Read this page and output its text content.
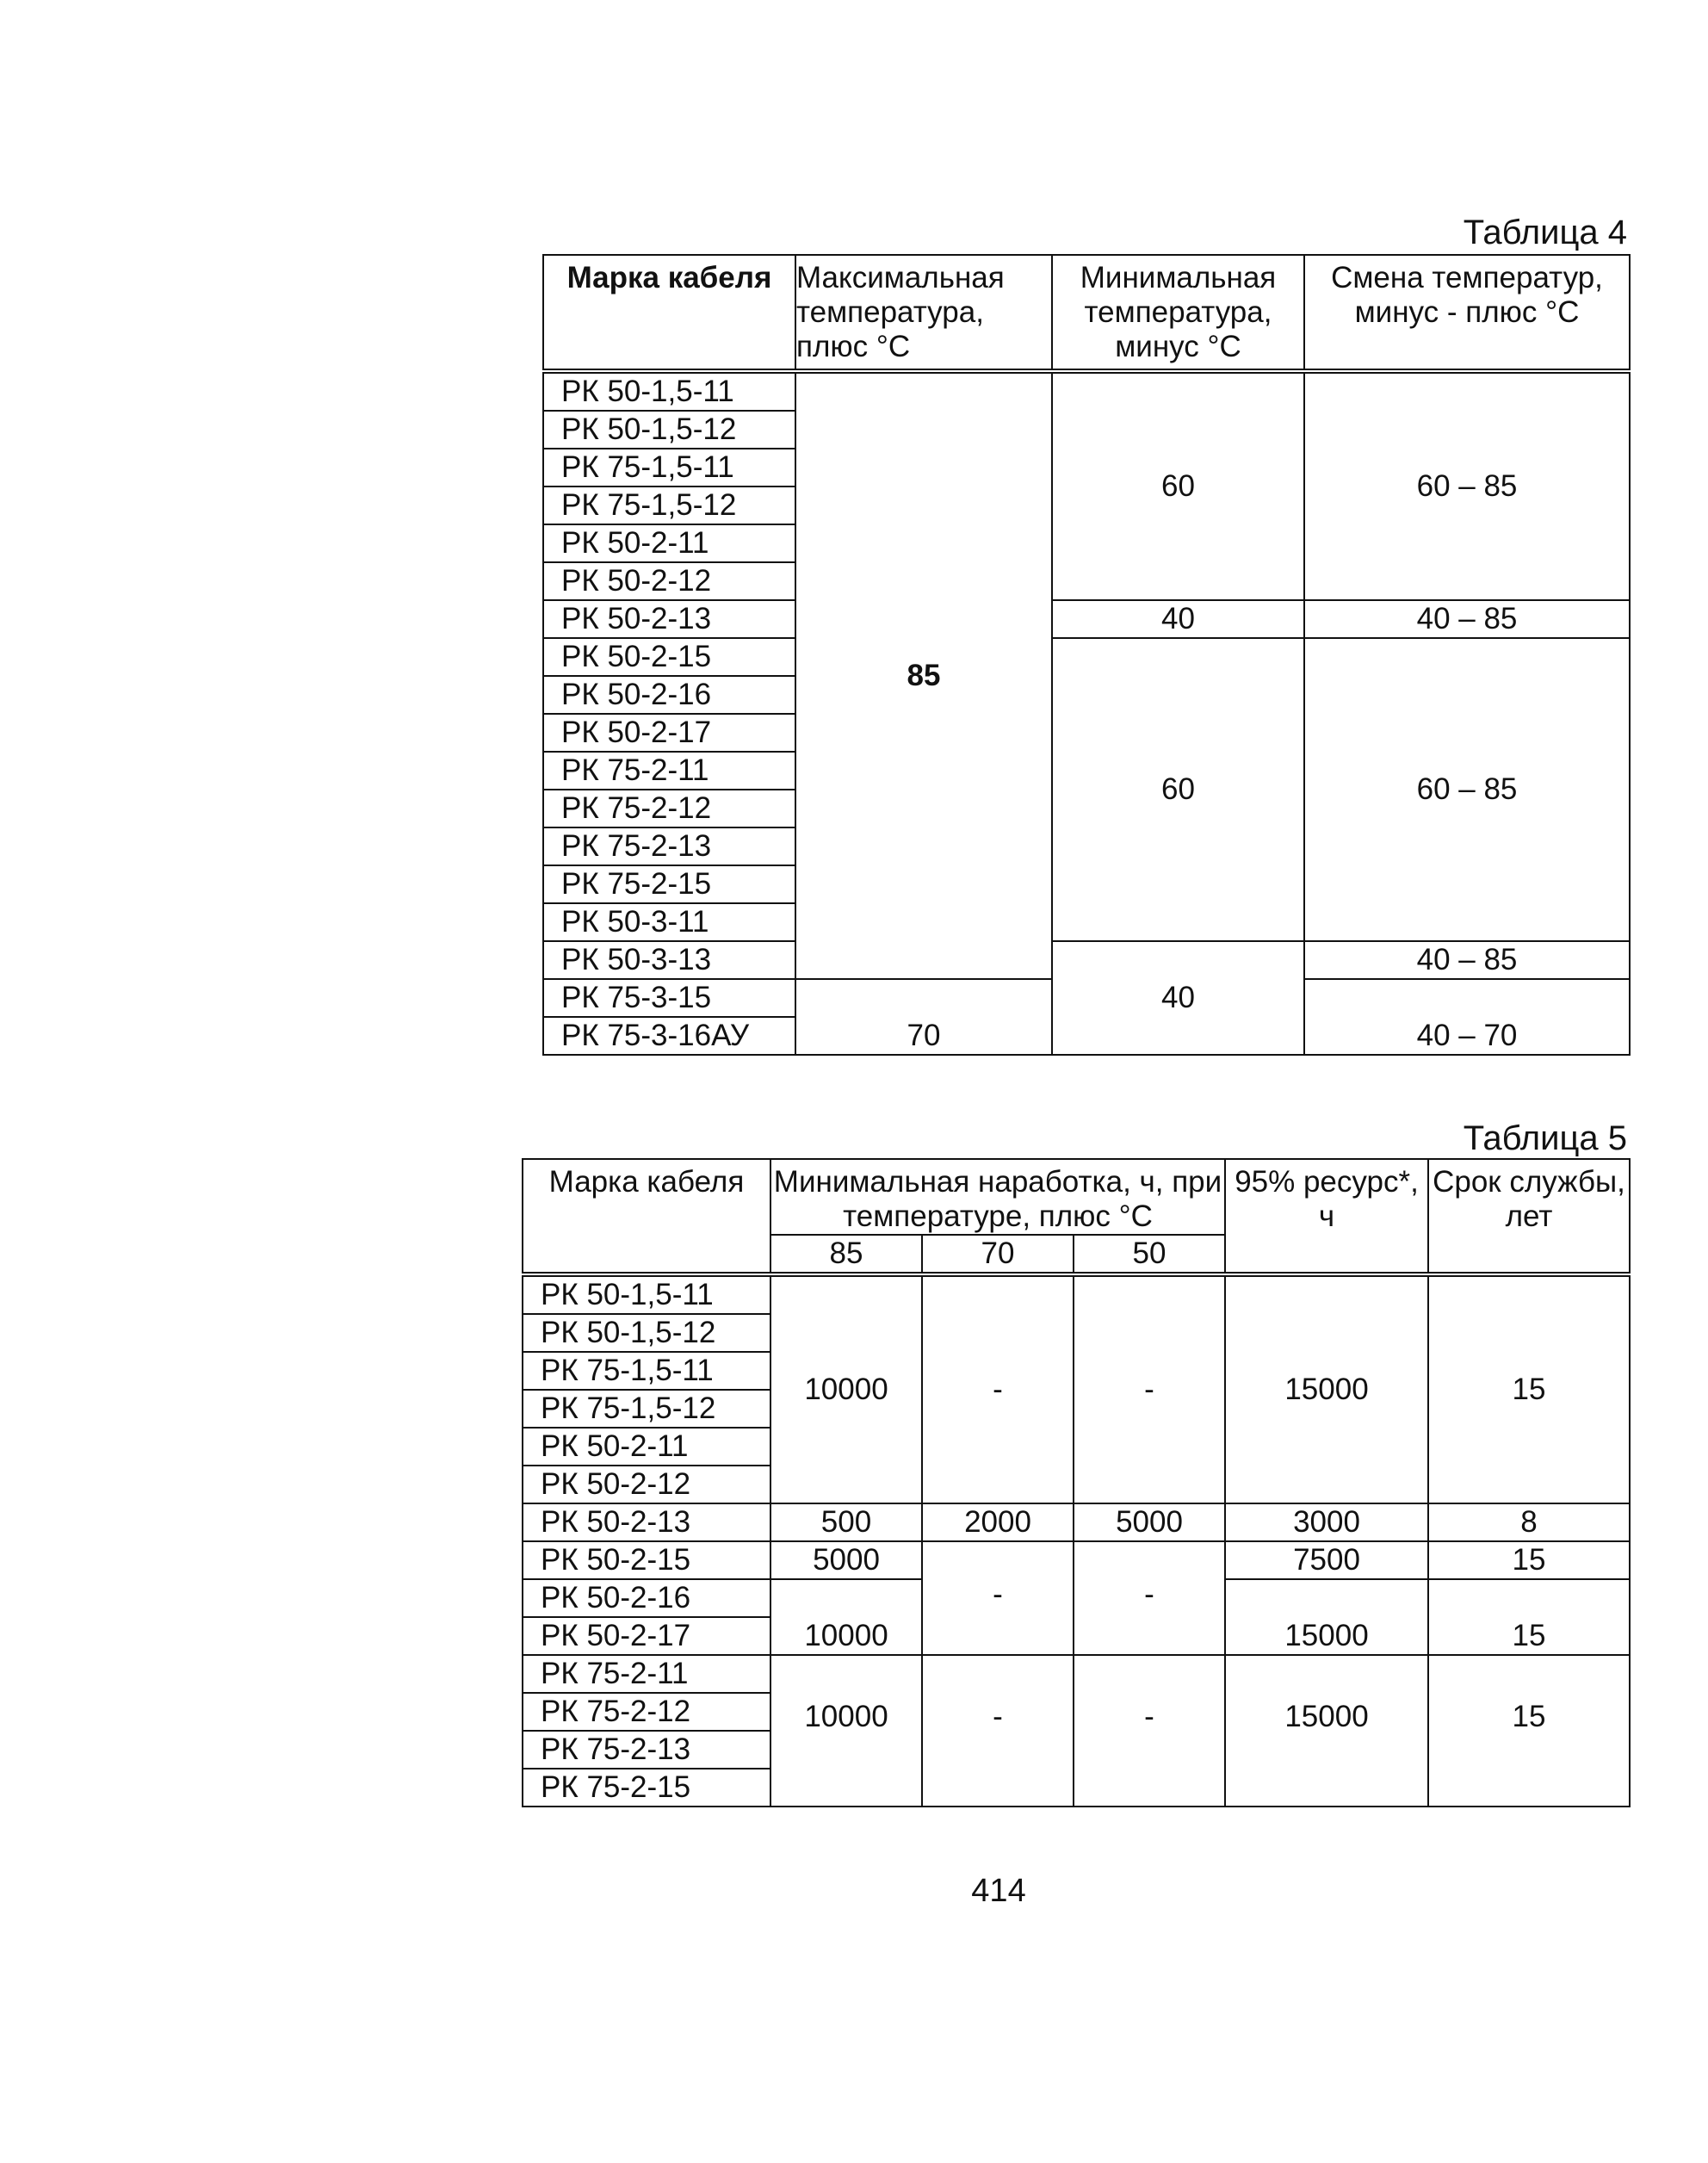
Таблица 4
Марка кабеля	Максимальная температура, плюс °С	Минимальная температура, минус °С	Смена температур, минус - плюс °С
РК 50-1,5-11	85	60	60 – 85
РК 50-1,5-12			
РК 75-1,5-11			
РК 75-1,5-12			
РК 50-2-11			
РК 50-2-12			
РК 50-2-13		40	40 – 85
РК 50-2-15		60	60 – 85
РК 50-2-16			
РК 50-2-17			
РК 75-2-11			
РК 75-2-12			
РК 75-2-13			
РК 75-2-15			
РК 50-3-11			
РК 50-3-13		40	40 – 85
РК 75-3-15	70		40 – 70
РК 75-3-16АУ			
Таблица 5
Марка кабеля	Минимальная наработка, ч, при температуре, плюс °С			95% ресурс*, ч	Срок службы, лет
	85	70	50		
РК 50-1,5-11	10000	-	-	15000	15
РК 50-1,5-12					
РК 75-1,5-11					
РК 75-1,5-12					
РК 50-2-11					
РК 50-2-12					
РК 50-2-13	500	2000	5000	3000	8
РК 50-2-15	5000	-	-	7500	15
РК 50-2-16	10000			15000	15
РК 50-2-17					
РК 75-2-11	10000	-	-	15000	15
РК 75-2-12					
РК 75-2-13					
РК 75-2-15					
414
